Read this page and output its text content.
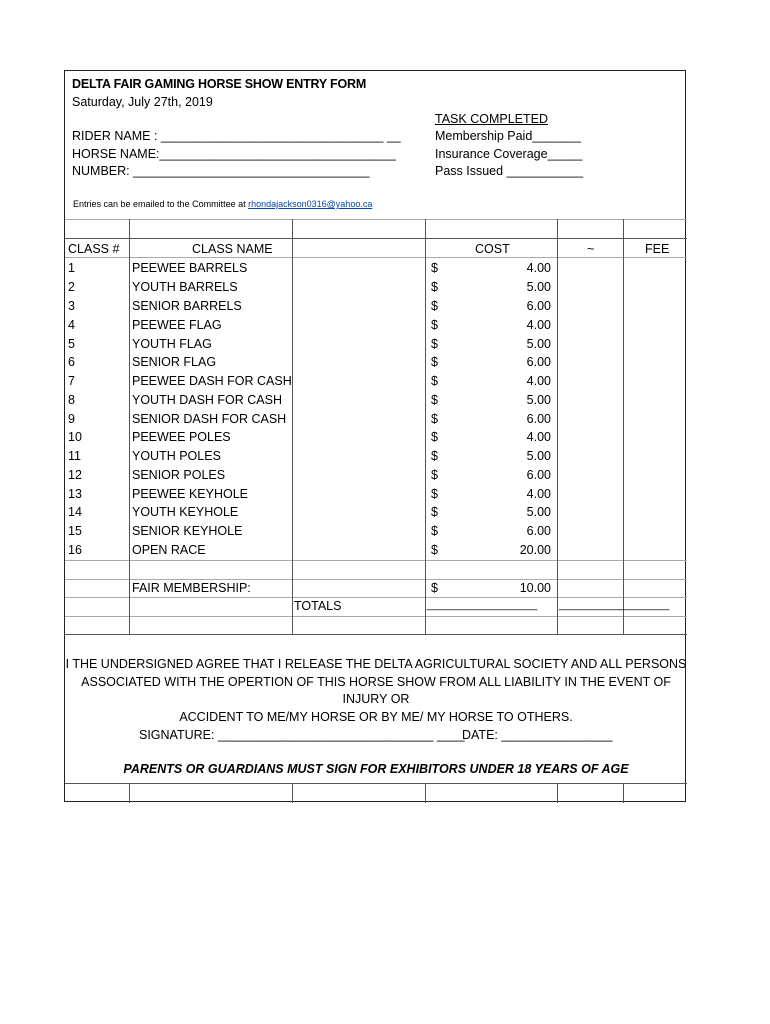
DELTA FAIR GAMING HORSE SHOW ENTRY FORM
Saturday, July 27th, 2019
RIDER NAME : ________________________________ __
HORSE NAME:__________________________________
NUMBER: __________________________________
TASK COMPLETED
Membership Paid_______
Insurance Coverage_____
Pass Issued ___________
Entries can be emailed to the Committee at rhondajackson0316@yahoo.ca
CLASS #	CLASS NAME	COST	~	FEE
1	PEEWEE BARRELS	$	4.00
2	YOUTH BARRELS	$	5.00
3	SENIOR BARRELS	$	6.00
4	PEEWEE FLAG	$	4.00
5	YOUTH FLAG	$	5.00
6	SENIOR FLAG	$	6.00
7	PEEWEE DASH FOR CASH	$	4.00
8	YOUTH DASH FOR CASH	$	5.00
9	SENIOR DASH FOR CASH	$	6.00
10	PEEWEE POLES	$	4.00
11	YOUTH POLES	$	5.00
12	SENIOR POLES	$	6.00
13	PEEWEE KEYHOLE	$	4.00
14	YOUTH KEYHOLE	$	5.00
15	SENIOR KEYHOLE	$	6.00
16	OPEN RACE	$	20.00
FAIR MEMBERSHIP:	$	10.00
TOTALS	__________________ __________________
I THE UNDERSIGNED AGREE THAT I RELEASE THE DELTA AGRICULTURAL SOCIETY AND ALL PERSONS
ASSOCIATED WITH THE OPERTION OF THIS HORSE SHOW FROM ALL LIABILITY IN THE EVENT OF INJURY OR
ACCIDENT TO ME/MY HORSE OR BY ME/ MY HORSE TO OTHERS.
SIGNATURE: _______________________________ ____
DATE: ________________
PARENTS OR GUARDIANS MUST SIGN FOR EXHIBITORS UNDER 18 YEARS OF AGE
